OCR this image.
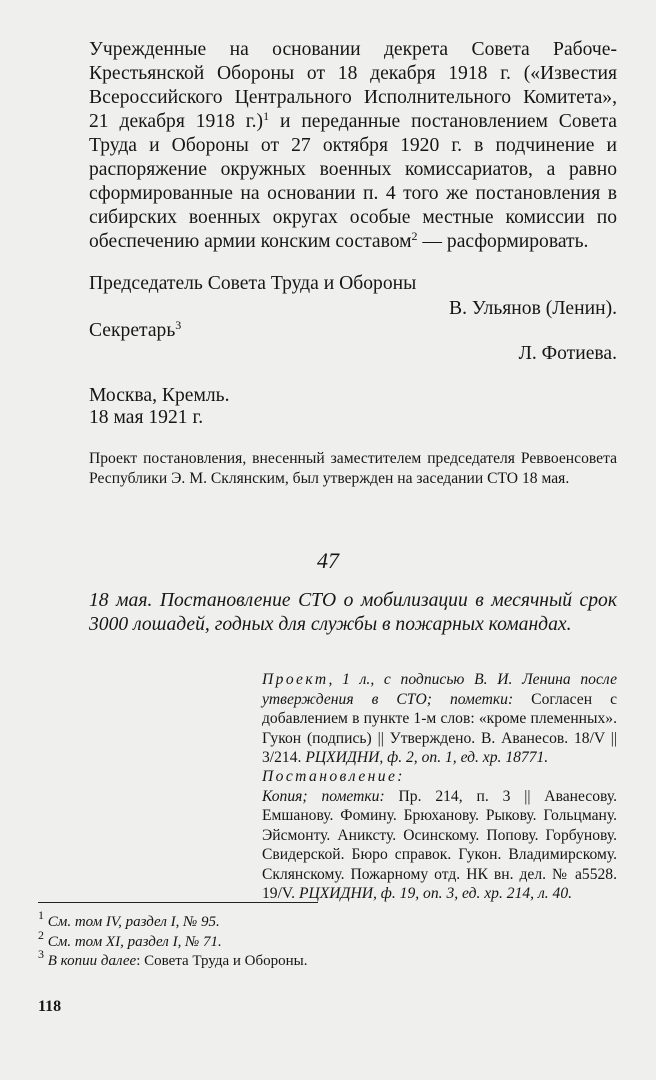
Учрежденные на основании декрета Совета Рабоче-Крестьянской Обороны от 18 декабря 1918 г. («Известия Всероссийского Центрального Исполнительного Комитета», 21 декабря 1918 г.)$^1$ и переданные постановлением Совета Труда и Обороны от 27 октября 1920 г. в подчинение и распоряжение окружных военных комиссариатов, а равно сформированные на основании п. 4 того же постановления в сибирских военных округах особые местные комиссии по обеспечению армии конским составом$^2$ — расформировать.

Председатель Совета Труда и Обороны
В. Ульянов (Ленин).
Секретарь$^3$
Л. Фотиева.
Москва, Кремль.
18 мая 1921 г.
Проект постановления, внесенный заместителем председателя Реввоенсовета Республики Э. М. Склянским, был утвержден на заседании СТО 18 мая.
47
18 мая. Постановление СТО о мобилизации в месячный срок 3000 лошадей, годных для службы в пожарных командах.
Проект, 1 л., с подписью В. И. Ленина после утверждения в СТО; пометки: Согласен с добавлением в пункте 1-м слов: «кроме племенных». Гукон (подпись) || Утверждено. В. Аванесов. 18/V || 3/214. РЦХИДНИ, ф. 2, оп. 1, ед. хр. 18771.
Постановление:
Копия; пометки: Пр. 214, п. 3 || Аванесову. Емшанову. Фомину. Брюханову. Рыкову. Гольцману. Эйсмонту. Аниксту. Осинскому. Попову. Горбунову. Свидерской. Бюро справок. Гукон. Владимирскому. Склянскому. Пожарному отд. НК вн. дел. № а5528. 19/V. РЦХИДНИ, ф. 19, оп. 3, ед. хр. 214, л. 40.
$^1$ См. том IV, раздел I, № 95.
$^2$ См. том XI, раздел I, № 71.
$^3$ В копии далее: Совета Труда и Обороны.
118
